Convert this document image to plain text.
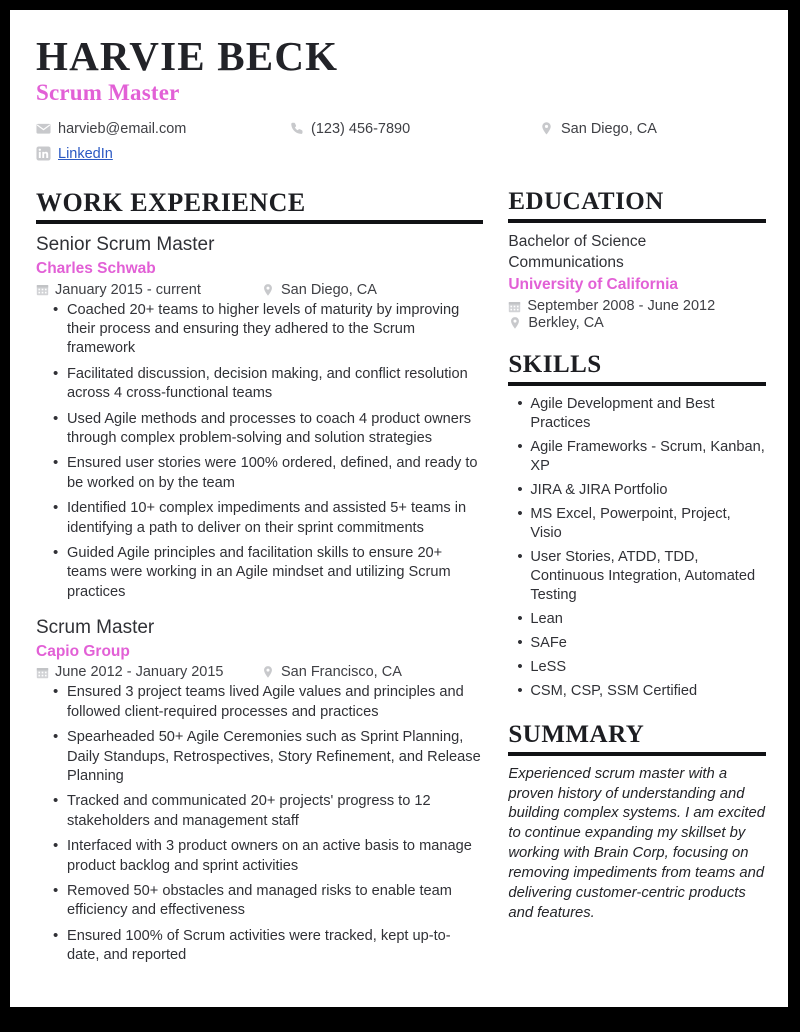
HARVIE BECK
Scrum Master
harvieb@email.com	(123) 456-7890	San Diego, CA
LinkedIn
WORK EXPERIENCE
Senior Scrum Master
Charles Schwab
January 2015 - current	San Diego, CA
• Coached 20+ teams to higher levels of maturity by improving their process and ensuring they adhered to the Scrum framework
• Facilitated discussion, decision making, and conflict resolution across 4 cross-functional teams
• Used Agile methods and processes to coach 4 product owners through complex problem-solving and solution strategies
• Ensured user stories were 100% ordered, defined, and ready to be worked on by the team
• Identified 10+ complex impediments and assisted 5+ teams in identifying a path to deliver on their sprint commitments
• Guided Agile principles and facilitation skills to ensure 20+ teams were working in an Agile mindset and utilizing Scrum practices
Scrum Master
Capio Group
June 2012 - January 2015	San Francisco, CA
• Ensured 3 project teams lived Agile values and principles and followed client-required processes and practices
• Spearheaded 50+ Agile Ceremonies such as Sprint Planning, Daily Standups, Retrospectives, Story Refinement, and Release Planning
• Tracked and communicated 20+ projects' progress to 12 stakeholders and management staff
• Interfaced with 3 product owners on an active basis to manage product backlog and sprint activities
• Removed 50+ obstacles and managed risks to enable team efficiency and effectiveness
• Ensured 100% of Scrum activities were tracked, kept up-to-date, and reported
EDUCATION
Bachelor of Science
Communications
University of California
September 2008 - June 2012
Berkley, CA
SKILLS
• Agile Development and Best Practices
• Agile Frameworks - Scrum, Kanban, XP
• JIRA & JIRA Portfolio
• MS Excel, Powerpoint, Project, Visio
• User Stories, ATDD, TDD, Continuous Integration, Automated Testing
• Lean
• SAFe
• LeSS
• CSM, CSP, SSM Certified
SUMMARY
Experienced scrum master with a proven history of understanding and building complex systems. I am excited to continue expanding my skillset by working with Brain Corp, focusing on removing impediments from teams and delivering customer-centric products and features.
